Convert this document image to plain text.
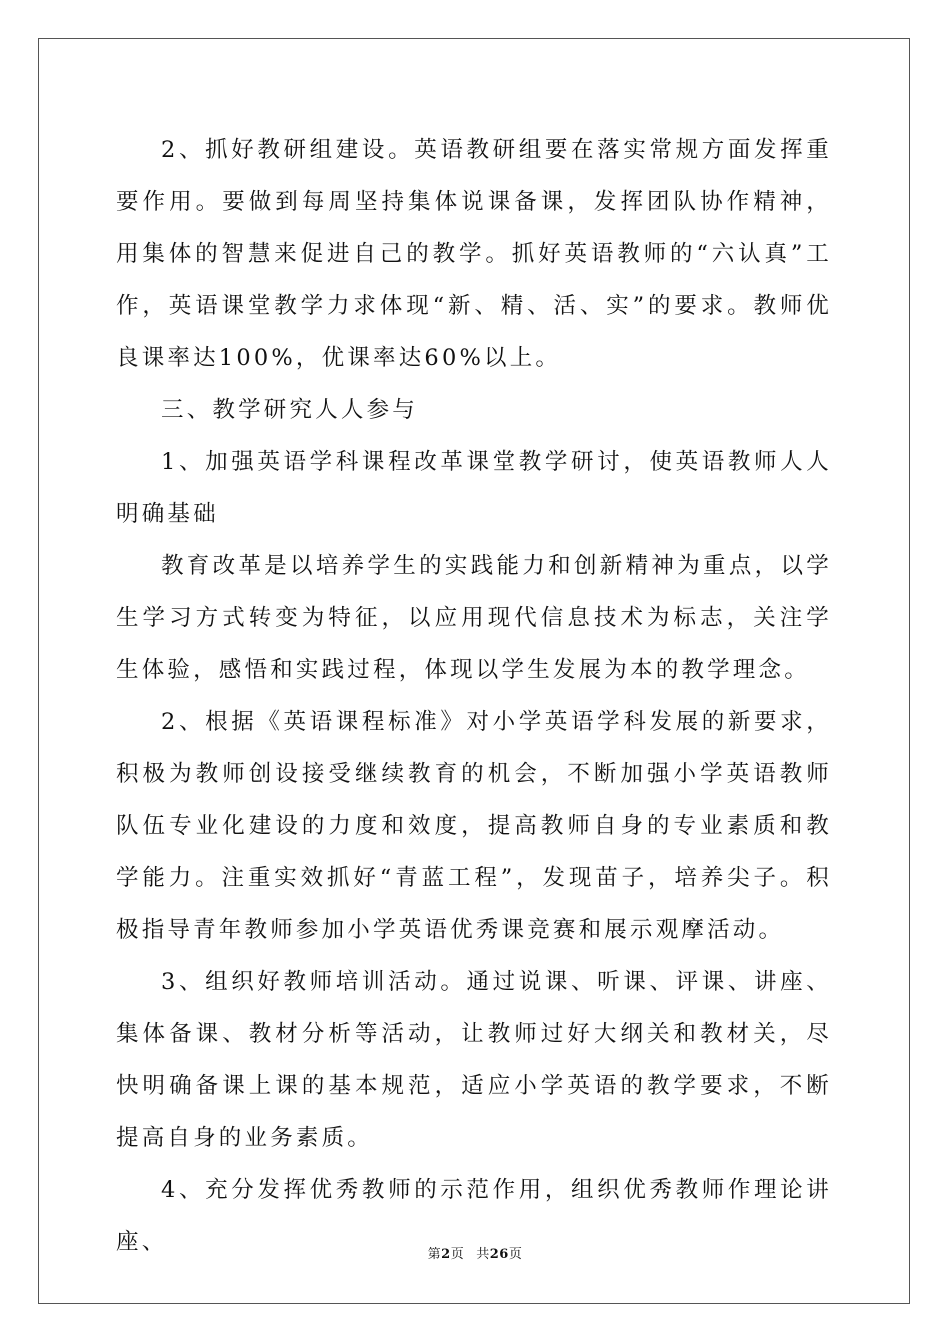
2、抓好教研组建设。英语教研组要在落实常规方面发挥重要作用。要做到每周坚持集体说课备课，发挥团队协作精神，用集体的智慧来促进自己的教学。抓好英语教师的“六认真”工作，英语课堂教学力求体现“新、精、活、实”的要求。教师优良课率达100%，优课率达60%以上。

三、教学研究人人参与

1、加强英语学科课程改革课堂教学研讨，使英语教师人人明确基础

教育改革是以培养学生的实践能力和创新精神为重点，以学生学习方式转变为特征，以应用现代信息技术为标志，关注学生体验，感悟和实践过程，体现以学生发展为本的教学理念。

2、根据《英语课程标准》对小学英语学科发展的新要求，积极为教师创设接受继续教育的机会，不断加强小学英语教师队伍专业化建设的力度和效度，提高教师自身的专业素质和教学能力。注重实效抓好“青蓝工程”，发现苗子，培养尖子。积极指导青年教师参加小学英语优秀课竞赛和展示观摩活动。

3、组织好教师培训活动。通过说课、听课、评课、讲座、集体备课、教材分析等活动，让教师过好大纲关和教材关，尽快明确备课上课的基本规范，适应小学英语的教学要求，不断提高自身的业务素质。

4、充分发挥优秀教师的示范作用，组织优秀教师作理论讲座、	第2页 共26页
